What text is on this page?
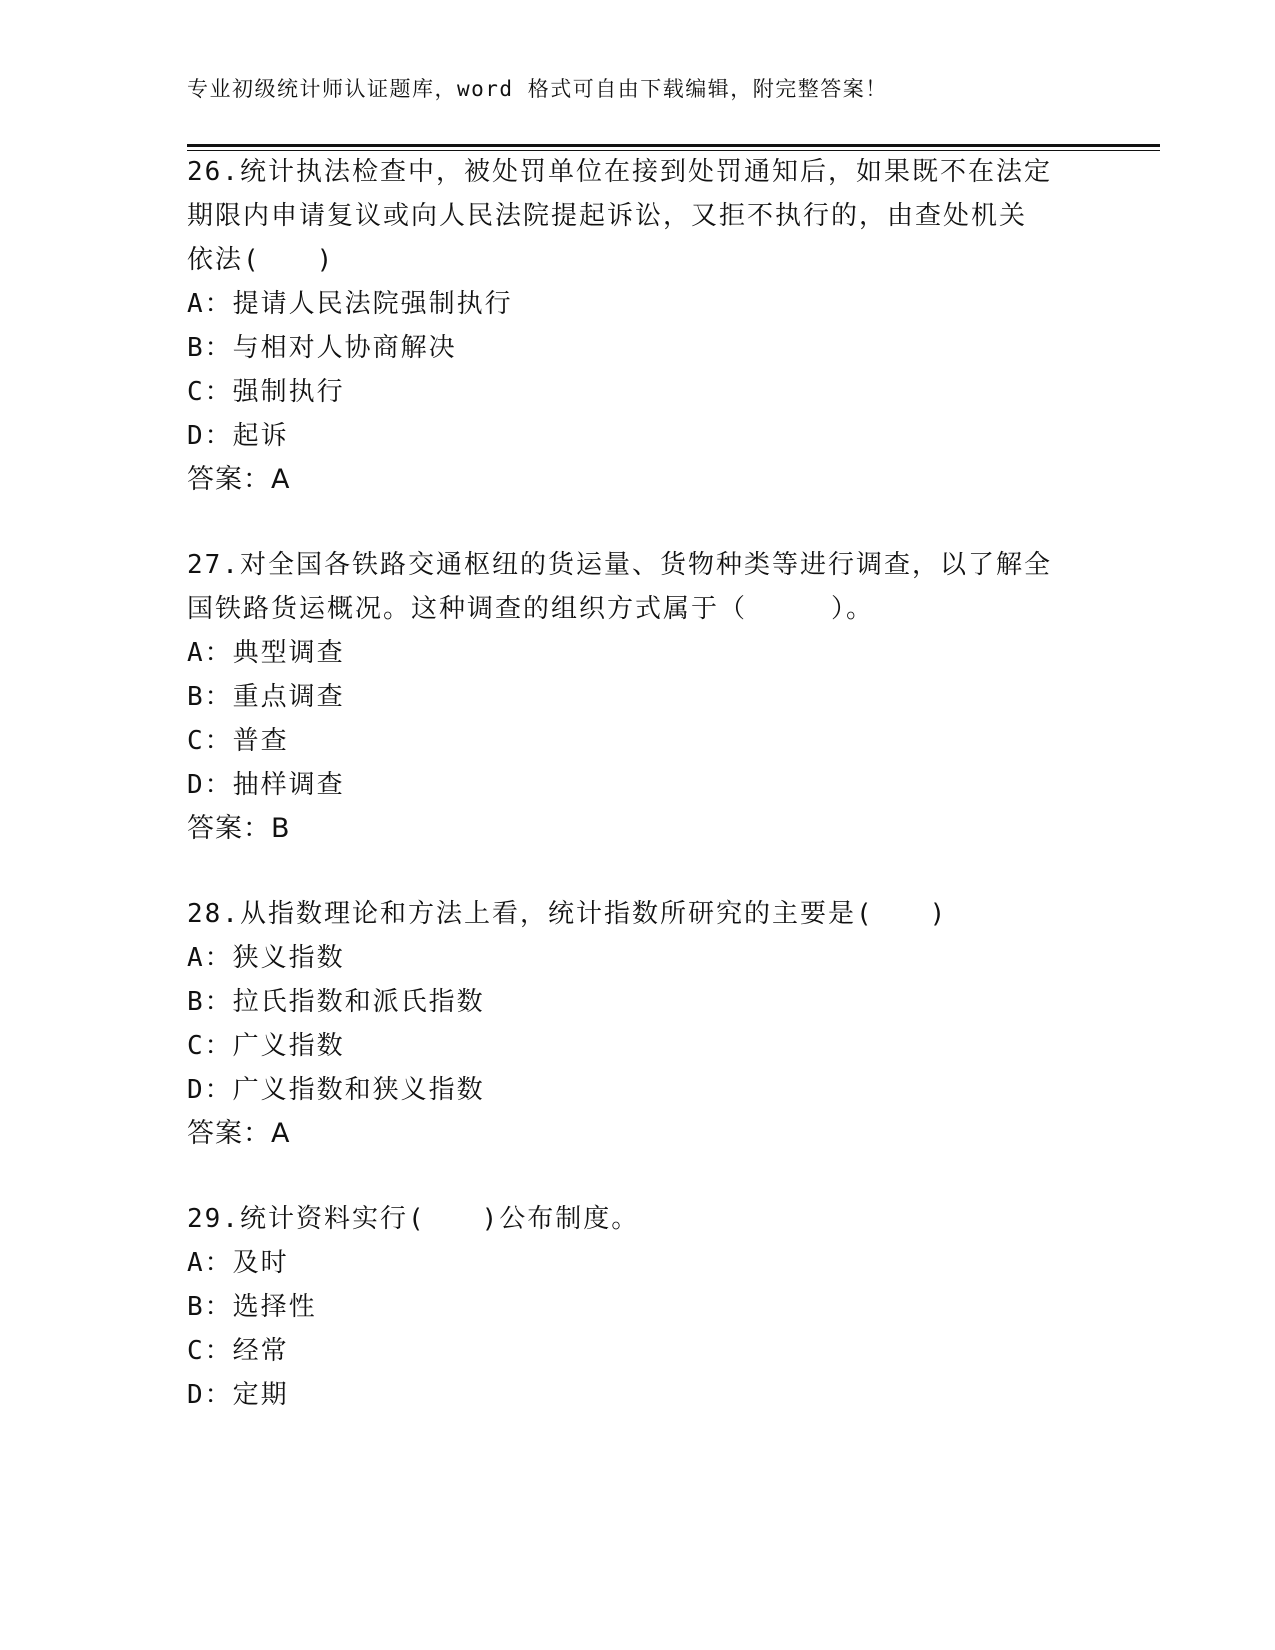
专业初级统计师认证题库，word 格式可自由下载编辑，附完整答案！
26.统计执法检查中，被处罚单位在接到处罚通知后，如果既不在法定
期限内申请复议或向人民法院提起诉讼，又拒不执行的，由查处机关
依法(　　)
A：提请人民法院强制执行
B：与相对人协商解决
C：强制执行
D：起诉
答案：A
27.对全国各铁路交通枢纽的货运量、货物种类等进行调查，以了解全
国铁路货运概况。这种调查的组织方式属于（　　　）。
A：典型调查
B：重点调查
C：普查
D：抽样调查
答案：B
28.从指数理论和方法上看，统计指数所研究的主要是(　　)
A：狭义指数
B：拉氏指数和派氏指数
C：广义指数
D：广义指数和狭义指数
答案：A
29.统计资料实行(　　)公布制度。
A：及时
B：选择性
C：经常
D：定期
